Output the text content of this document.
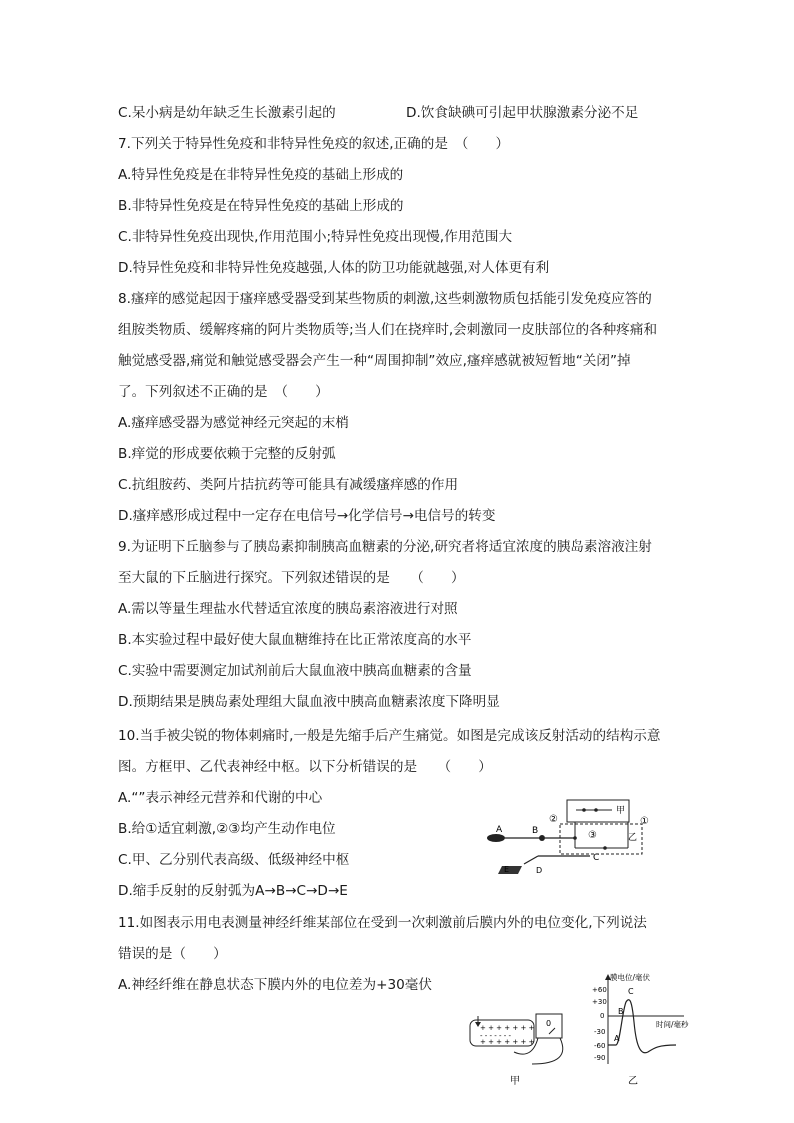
C.呆小病是幼年缺乏生长激素引起的	D.饮食缺碘可引起甲状腺激素分泌不足
7.下列关于特异性免疫和非特异性免疫的叙述,正确的是　（　　）
A.特异性免疫是在非特异性免疫的基础上形成的
B.非特异性免疫是在特异性免疫的基础上形成的
C.非特异性免疫出现快,作用范围小;特异性免疫出现慢,作用范围大
D.特异性免疫和非特异性免疫越强,人体的防卫功能就越强,对人体更有利
8.瘙痒的感觉起因于瘙痒感受器受到某些物质的刺激,这些刺激物质包括能引发免疫应答的
组胺类物质、缓解疼痛的阿片类物质等;当人们在挠痒时,会刺激同一皮肤部位的各种疼痛和
触觉感受器,痛觉和触觉感受器会产生一种“周围抑制”效应,瘙痒感就被短暂地“关闭”掉
了。下列叙述不正确的是　（　　）
A.瘙痒感受器为感觉神经元突起的末梢
B.痒觉的形成要依赖于完整的反射弧
C.抗组胺药、类阿片拮抗药等可能具有减缓瘙痒感的作用
D.瘙痒感形成过程中一定存在电信号→化学信号→电信号的转变
9.为证明下丘脑参与了胰岛素抑制胰高血糖素的分泌,研究者将适宜浓度的胰岛素溶液注射
至大鼠的下丘脑进行探究。下列叙述错误的是　　（　　）
A.需以等量生理盐水代替适宜浓度的胰岛素溶液进行对照
B.本实验过程中最好使大鼠血糖维持在比正常浓度高的水平
C.实验中需要测定加试剂前后大鼠血液中胰高血糖素的含量
D.预期结果是胰岛素处理组大鼠血液中胰高血糖素浓度下降明显
10.当手被尖锐的物体刺痛时,一般是先缩手后产生痛觉。如图是完成该反射活动的结构示意
图。方框甲、乙代表神经中枢。以下分析错误的是　　（　　）
A.“”表示神经元营养和代谢的中心
B.给①适宜刺激,②③均产生动作电位
C.甲、乙分别代表高级、低级神经中枢
D.缩手反射的反射弧为A→B→C→D→E
11.如图表示用电表测量神经纤维某部位在受到一次刺激前后膜内外的电位变化,下列说法
错误的是（　　）
A.神经纤维在静息状态下膜内外的电位差为+30毫伏
甲
乙
A	B
C
E	D
②
③
①
+ + + + + + +
- - - - - - -
+ + + + + + +
0
甲
膜电位/毫伏
时间/毫秒
+60
+30
0
-30
-60
-90
A
B
C
乙
